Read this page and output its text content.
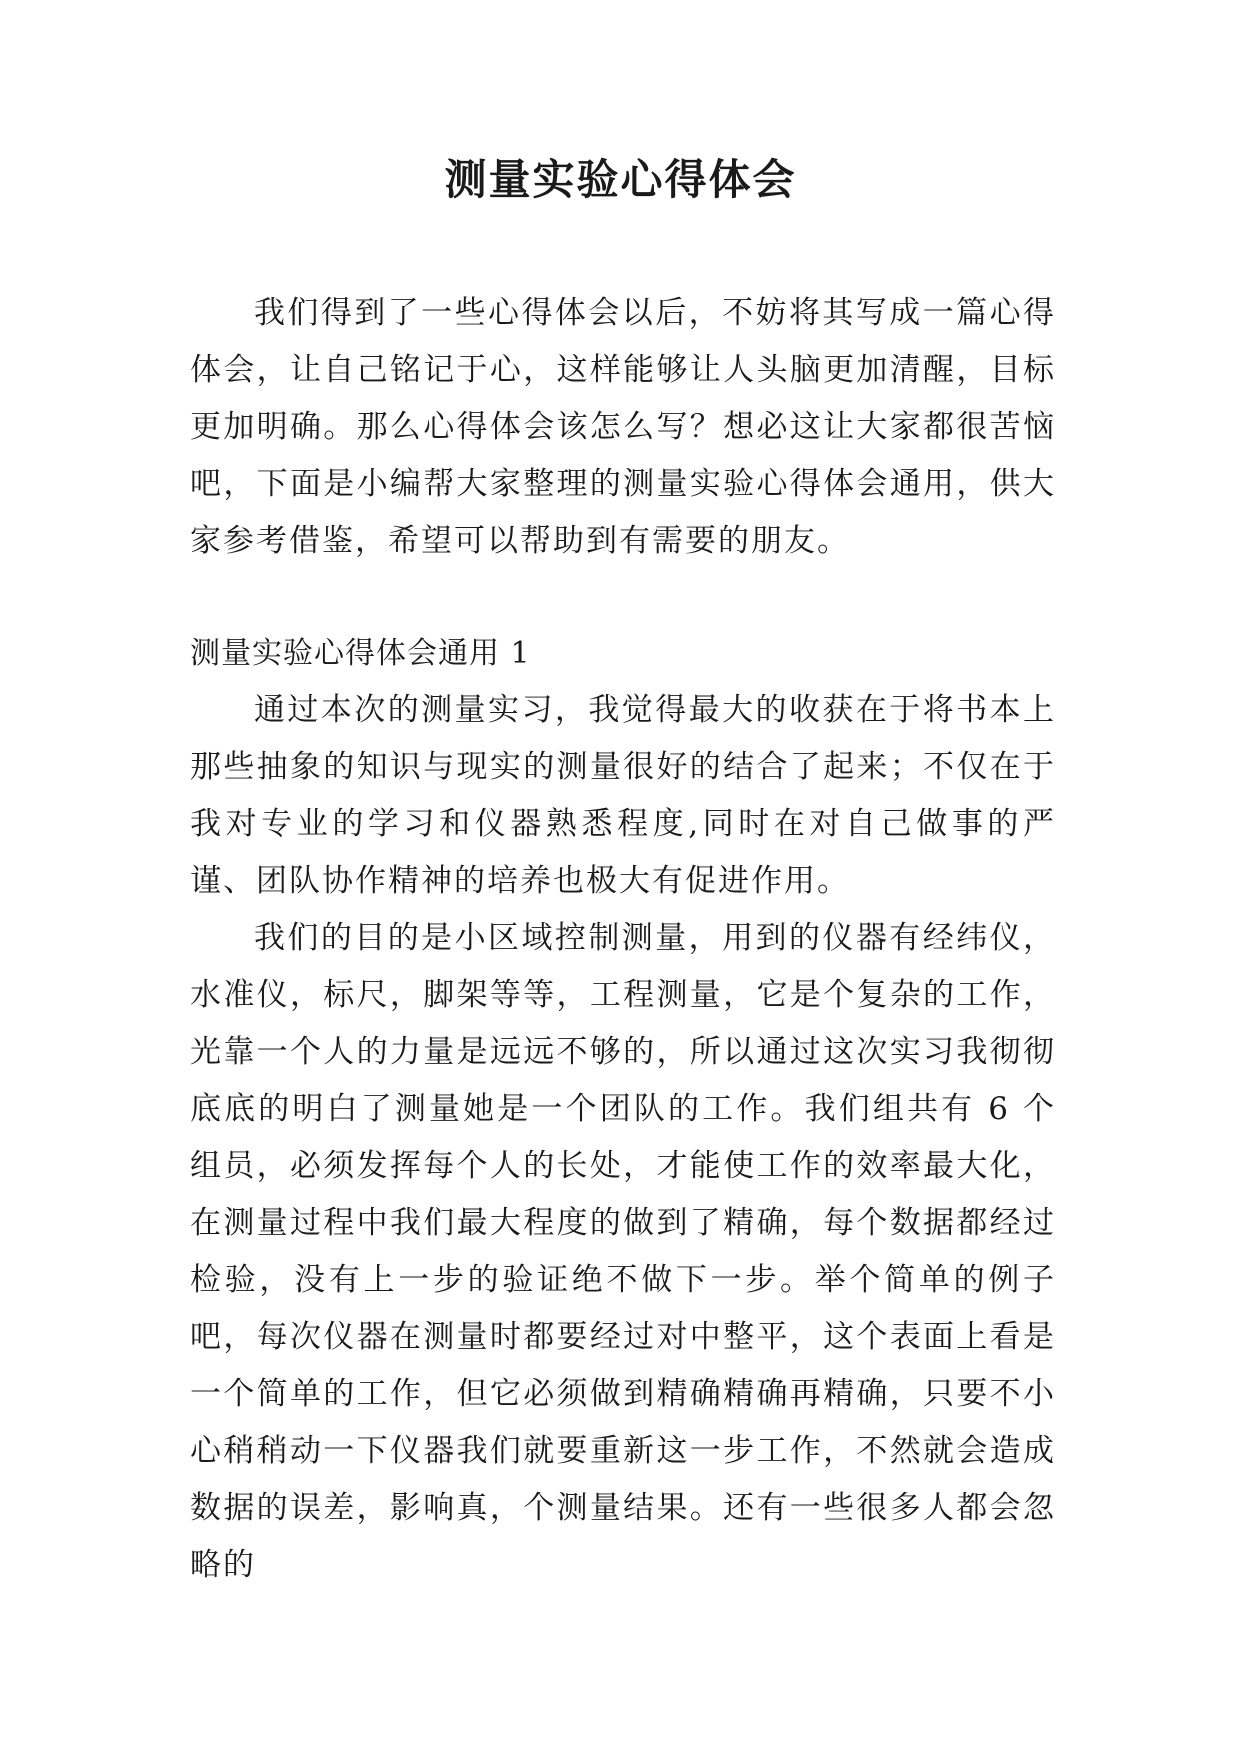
测量实验心得体会

我们得到了一些心得体会以后，不妨将其写成一篇心得体会，让自己铭记于心，这样能够让人头脑更加清醒，目标更加明确。那么心得体会该怎么写？想必这让大家都很苦恼吧，下面是小编帮大家整理的测量实验心得体会通用，供大家参考借鉴，希望可以帮助到有需要的朋友。

测量实验心得体会通用 1

通过本次的测量实习，我觉得最大的收获在于将书本上那些抽象的知识与现实的测量很好的结合了起来；不仅在于我对专业的学习和仪器熟悉程度,同时在对自己做事的严谨、团队协作精神的培养也极大有促进作用。

我们的目的是小区域控制测量，用到的仪器有经纬仪，水准仪，标尺，脚架等等，工程测量，它是个复杂的工作，光靠一个人的力量是远远不够的，所以通过这次实习我彻彻底底的明白了测量她是一个团队的工作。我们组共有 6 个组员，必须发挥每个人的长处，才能使工作的效率最大化，在测量过程中我们最大程度的做到了精确，每个数据都经过检验，没有上一步的验证绝不做下一步。举个简单的例子吧，每次仪器在测量时都要经过对中整平，这个表面上看是一个简单的工作，但它必须做到精确精确再精确，只要不小心稍稍动一下仪器我们就要重新这一步工作，不然就会造成数据的误差，影响真，个测量结果。还有一些很多人都会忽略的
